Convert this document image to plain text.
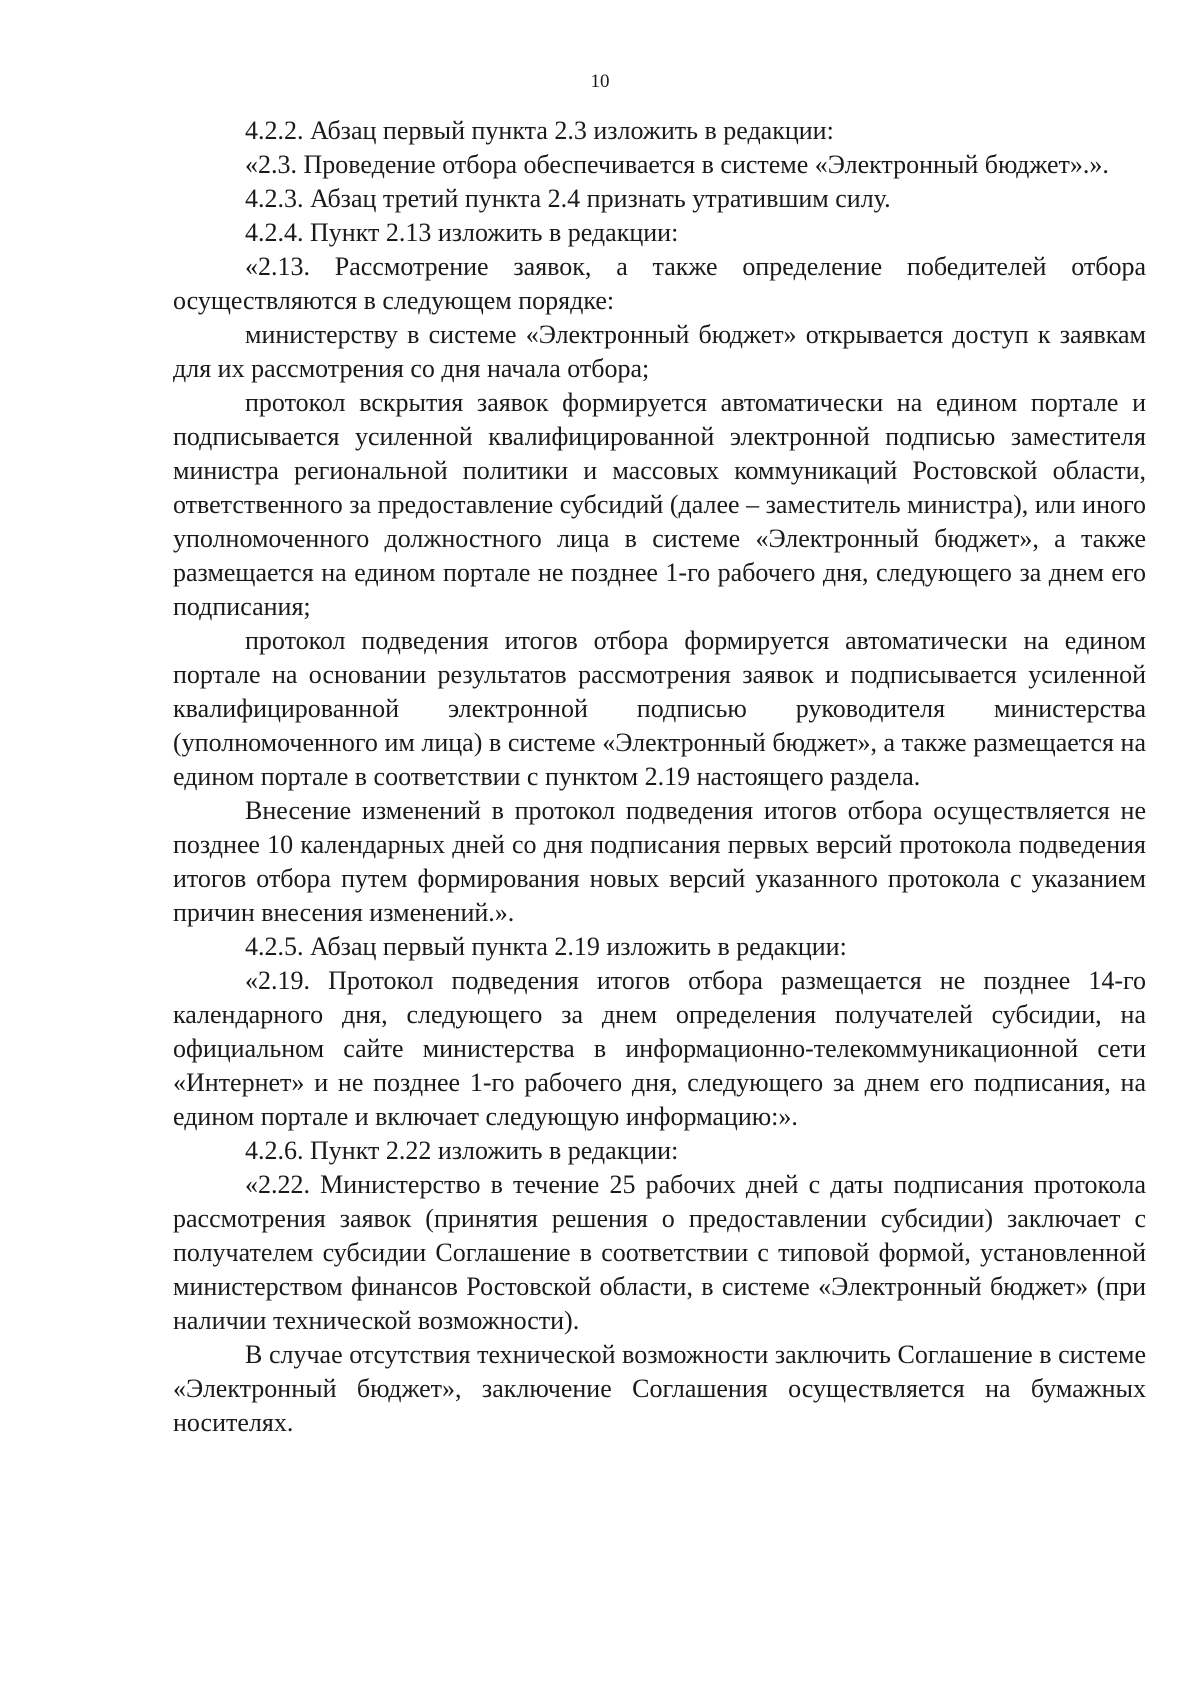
10

4.2.2. Абзац первый пункта 2.3 изложить в редакции:

«2.3. Проведение отбора обеспечивается в системе «Электронный бюджет».».

4.2.3. Абзац третий пункта 2.4 признать утратившим силу.

4.2.4. Пункт 2.13 изложить в редакции:

«2.13. Рассмотрение заявок, а также определение победителей отбора осуществляются в следующем порядке:

министерству в системе «Электронный бюджет» открывается доступ к заявкам для их рассмотрения со дня начала отбора;

протокол вскрытия заявок формируется автоматически на едином портале и подписывается усиленной квалифицированной электронной подписью заместителя министра региональной политики и массовых коммуникаций Ростовской области, ответственного за предоставление субсидий (далее – заместитель министра), или иного уполномоченного должностного лица в системе «Электронный бюджет», а также размещается на едином портале не позднее 1-го рабочего дня, следующего за днем его подписания;

протокол подведения итогов отбора формируется автоматически на едином портале на основании результатов рассмотрения заявок и подписывается усиленной квалифицированной электронной подписью руководителя министерства (уполномоченного им лица) в системе «Электронный бюджет», а также размещается на едином портале в соответствии с пунктом 2.19 настоящего раздела.

Внесение изменений в протокол подведения итогов отбора осуществляется не позднее 10 календарных дней со дня подписания первых версий протокола подведения итогов отбора путем формирования новых версий указанного протокола с указанием причин внесения изменений.».

4.2.5. Абзац первый пункта 2.19 изложить в редакции:

«2.19. Протокол подведения итогов отбора размещается не позднее 14-го календарного дня, следующего за днем определения получателей субсидии, на официальном сайте министерства в информационно-телекоммуникационной сети «Интернет» и не позднее 1-го рабочего дня, следующего за днем его подписания, на едином портале и включает следующую информацию:».

4.2.6. Пункт 2.22 изложить в редакции:

«2.22. Министерство в течение 25 рабочих дней с даты подписания протокола рассмотрения заявок (принятия решения о предоставлении субсидии) заключает с получателем субсидии Соглашение в соответствии с типовой формой, установленной министерством финансов Ростовской области, в системе «Электронный бюджет» (при наличии технической возможности).

В случае отсутствия технической возможности заключить Соглашение в системе «Электронный бюджет», заключение Соглашения осуществляется на бумажных носителях.
